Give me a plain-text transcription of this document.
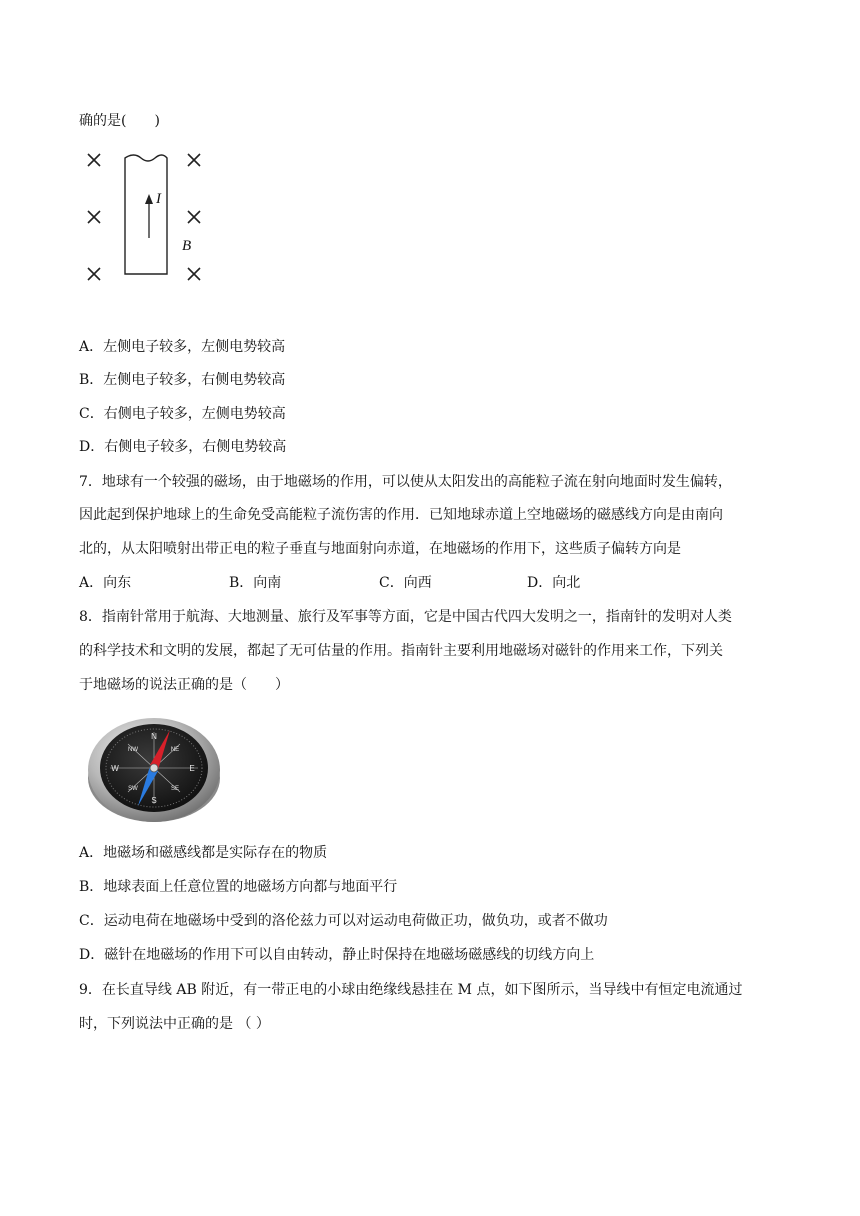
确的是(　　)
I
B
A．左侧电子较多，左侧电势较高
B．左侧电子较多，右侧电势较高
C．右侧电子较多，左侧电势较高
D．右侧电子较多，右侧电势较高
7．地球有一个较强的磁场，由于地磁场的作用，可以使从太阳发出的高能粒子流在射向地面时发生偏转，
因此起到保护地球上的生命免受高能粒子流伤害的作用．已知地球赤道上空地磁场的磁感线方向是由南向
北的，从太阳喷射出带正电的粒子垂直与地面射向赤道，在地磁场的作用下，这些质子偏转方向是
A．向东	B．向南	C．向西	D．向北
8．指南针常用于航海、大地测量、旅行及军事等方面，它是中国古代四大发明之一，指南针的发明对人类
的科学技术和文明的发展，都起了无可估量的作用。指南针主要利用地磁场对磁针的作用来工作，下列关
于地磁场的说法正确的是（　　）
N
S
E
W
NE
NW
SE
SW
A．地磁场和磁感线都是实际存在的物质
B．地球表面上任意位置的地磁场方向都与地面平行
C．运动电荷在地磁场中受到的洛伦兹力可以对运动电荷做正功，做负功，或者不做功
D．磁针在地磁场的作用下可以自由转动，静止时保持在地磁场磁感线的切线方向上
9．在长直导线 AB 附近，有一带正电的小球由绝缘线悬挂在 M 点，如下图所示，当导线中有恒定电流通过
时，下列说法中正确的是 （ ）
